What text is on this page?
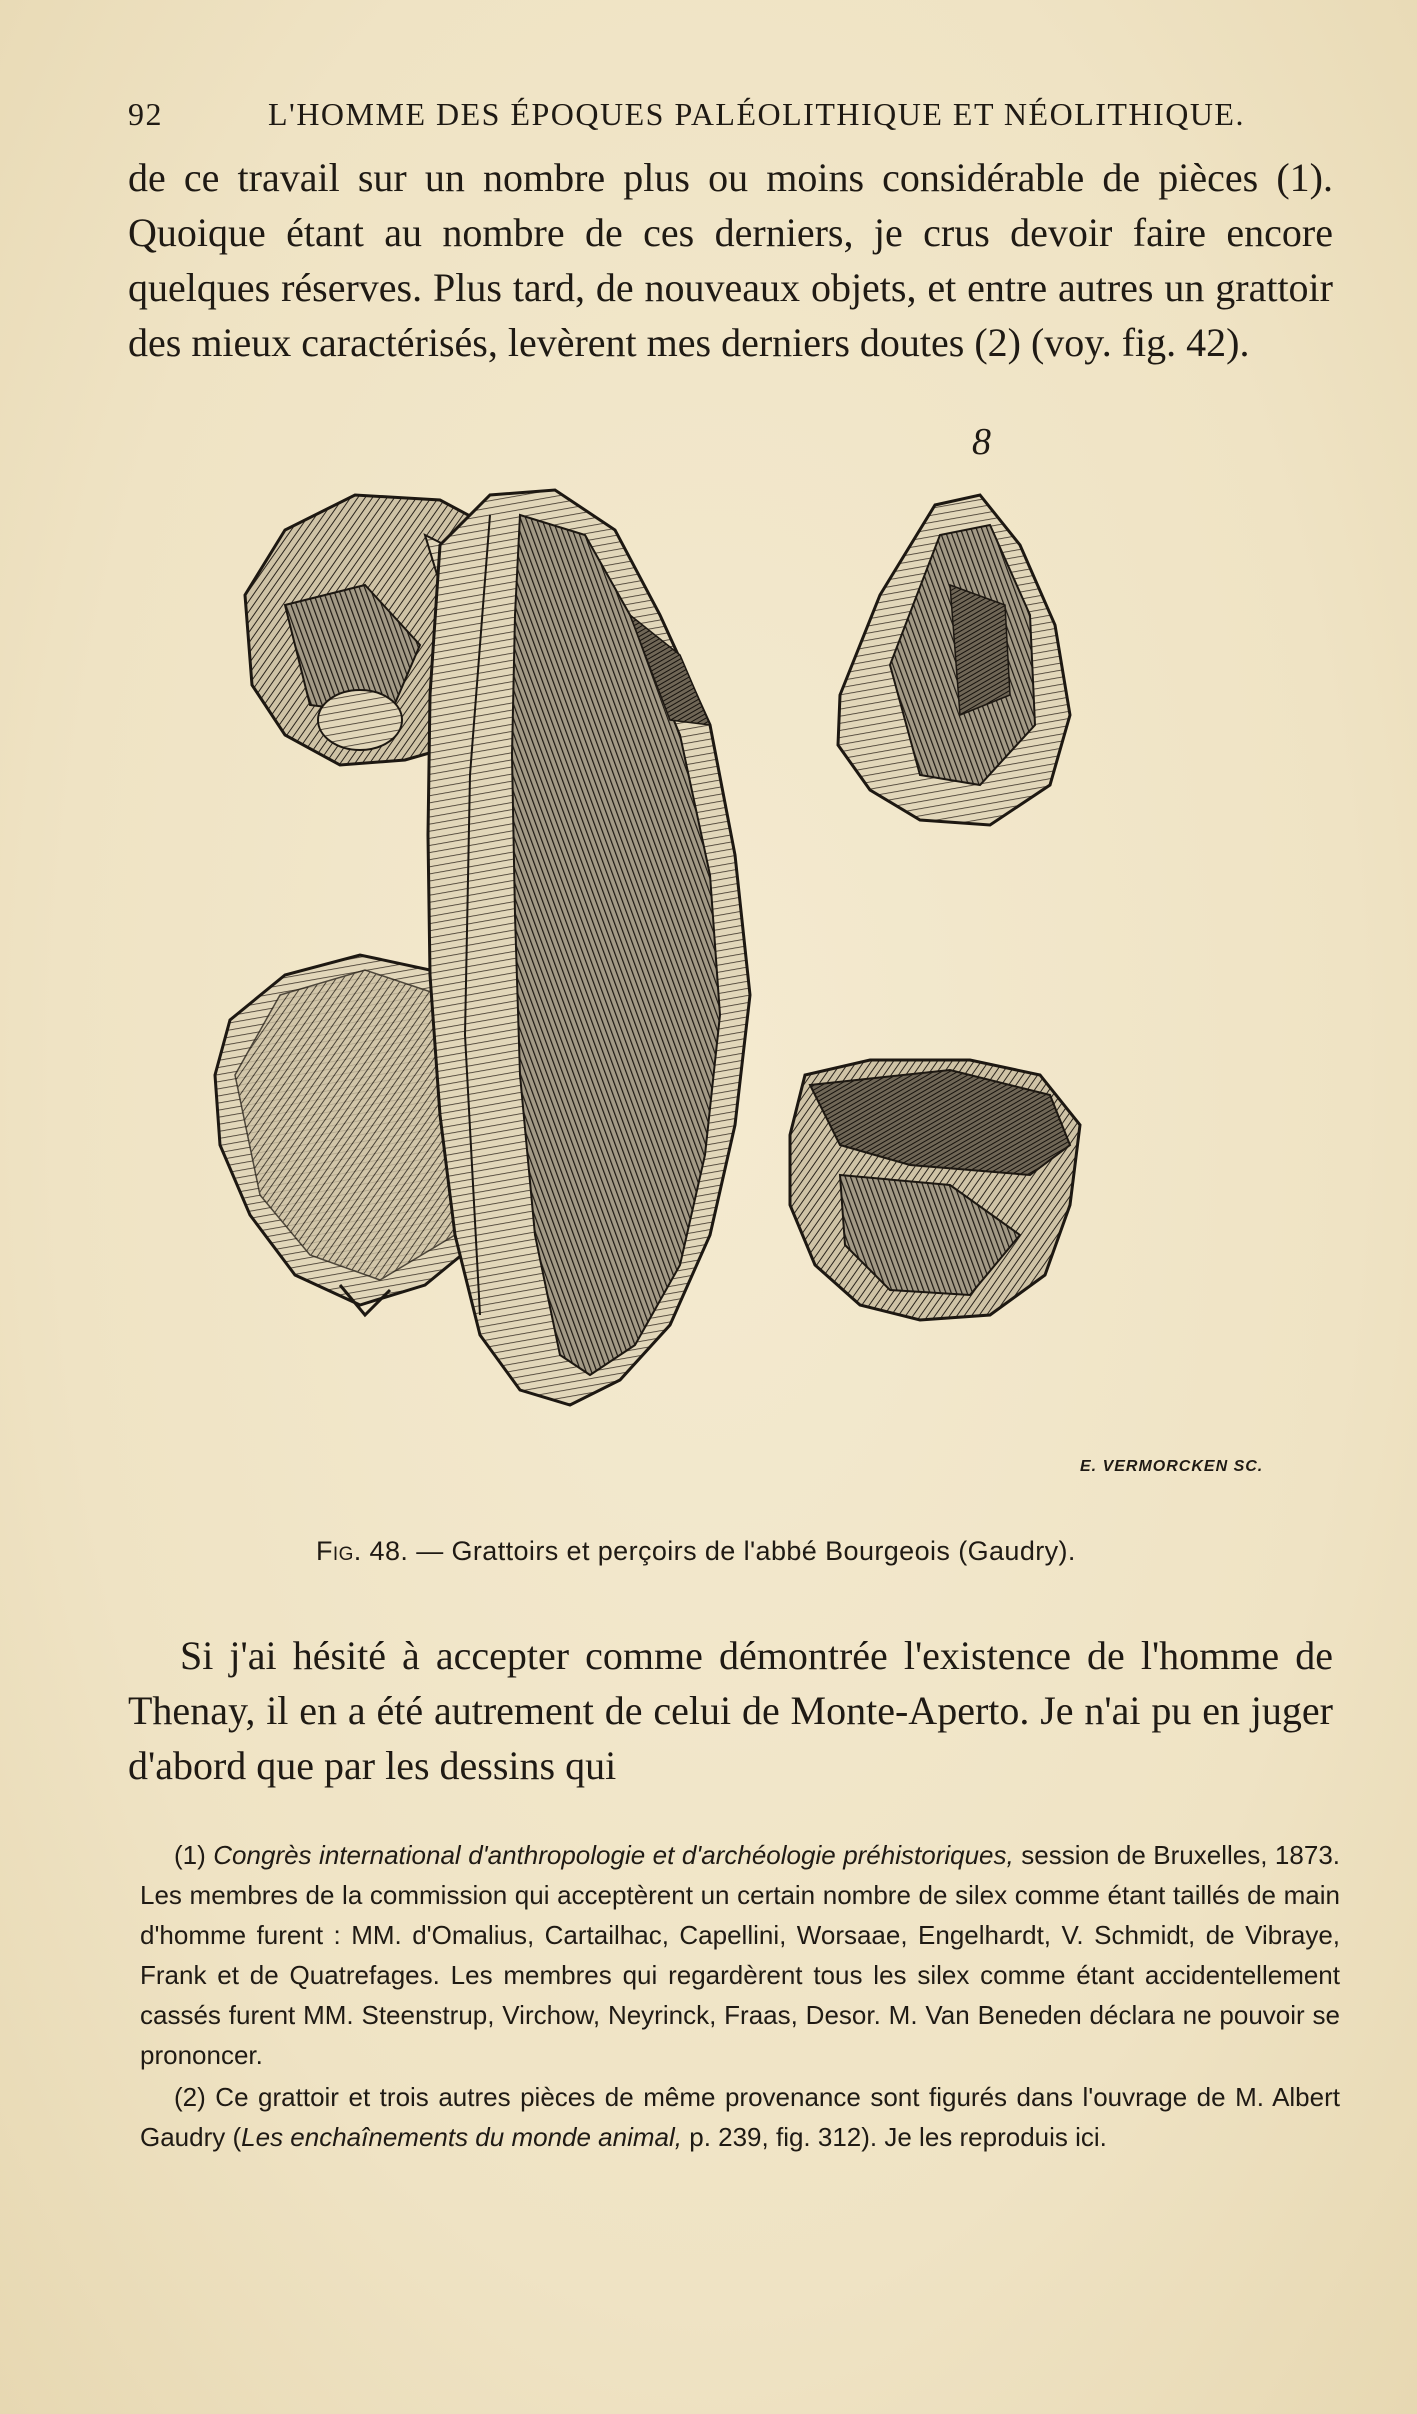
92	L'HOMME DES ÉPOQUES PALÉOLITHIQUE ET NÉOLITHIQUE.

de ce travail sur un nombre plus ou moins considérable de pièces (1). Quoique étant au nombre de ces derniers, je crus devoir faire encore quelques réserves. Plus tard, de nouveaux objets, et entre autres un grattoir des mieux caractérisés, levèrent mes derniers doutes (2) (voy. fig. 42).

8
E. VERMORCKEN SC.
Fig. 48. — Grattoirs et perçoirs de l'abbé Bourgeois (Gaudry).

Si j'ai hésité à accepter comme démontrée l'existence de l'homme de Thenay, il en a été autrement de celui de Monte-Aperto. Je n'ai pu en juger d'abord que par les dessins qui

(1) Congrès international d'anthropologie et d'archéologie préhistoriques, session de Bruxelles, 1873. Les membres de la commission qui acceptèrent un certain nombre de silex comme étant taillés de main d'homme furent : MM. d'Omalius, Cartailhac, Capellini, Worsaae, Engelhardt, V. Schmidt, de Vibraye, Frank et de Quatrefages. Les membres qui regardèrent tous les silex comme étant accidentellement cassés furent MM. Steenstrup, Virchow, Neyrinck, Fraas, Desor. M. Van Beneden déclara ne pouvoir se prononcer.

(2) Ce grattoir et trois autres pièces de même provenance sont figurés dans l'ouvrage de M. Albert Gaudry (Les enchaînements du monde animal, p. 239, fig. 312). Je les reproduis ici.
